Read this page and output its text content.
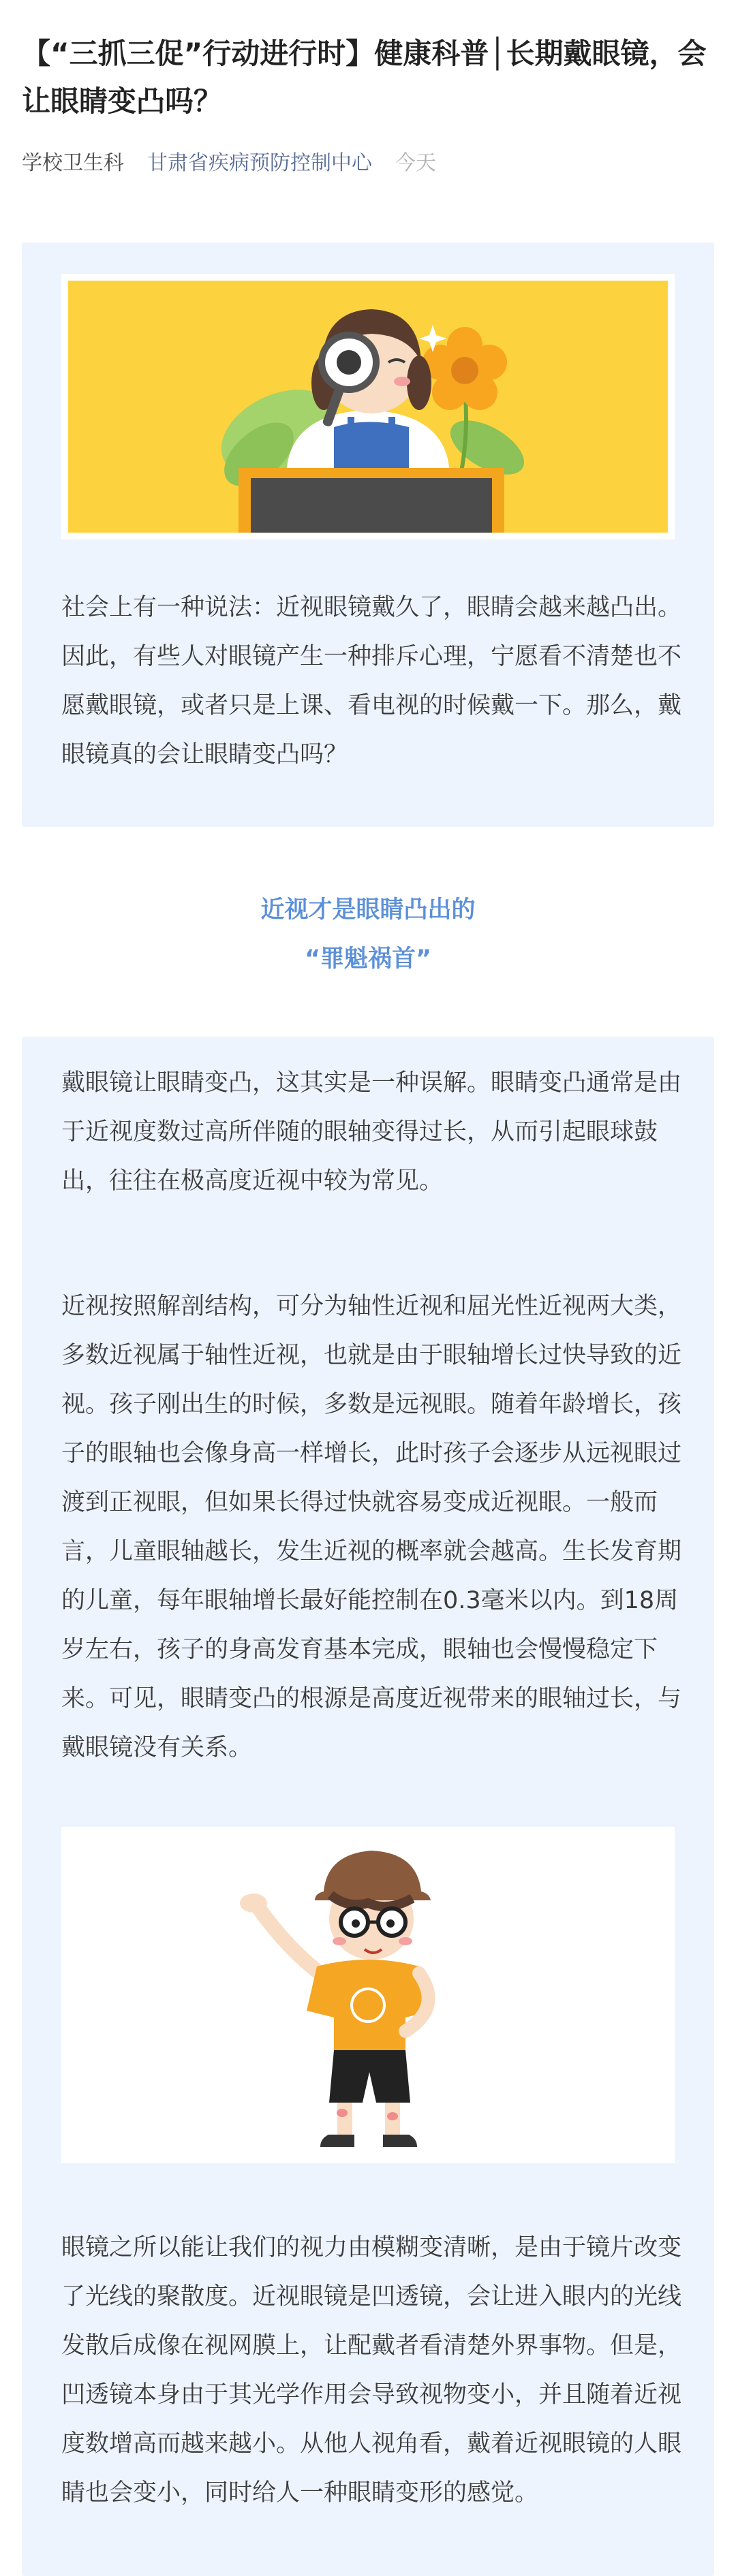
【“三抓三促”行动进行时】健康科普│长期戴眼镜，会让眼睛变凸吗？
学校卫生科 甘肃省疾病预防控制中心 今天

社会上有一种说法：近视眼镜戴久了，眼睛会越来越凸出。因此，有些人对眼镜产生一种排斥心理，宁愿看不清楚也不愿戴眼镜，或者只是上课、看电视的时候戴一下。那么，戴眼镜真的会让眼睛变凸吗？

近视才是眼睛凸出的
“罪魁祸首”

戴眼镜让眼睛变凸，这其实是一种误解。眼睛变凸通常是由于近视度数过高所伴随的眼轴变得过长，从而引起眼球鼓出，往往在极高度近视中较为常见。

近视按照解剖结构，可分为轴性近视和屈光性近视两大类，多数近视属于轴性近视，也就是由于眼轴增长过快导致的近视。孩子刚出生的时候，多数是远视眼。随着年龄增长，孩子的眼轴也会像身高一样增长，此时孩子会逐步从远视眼过渡到正视眼，但如果长得过快就容易变成近视眼。一般而言，儿童眼轴越长，发生近视的概率就会越高。生长发育期的儿童，每年眼轴增长最好能控制在0.3毫米以内。到18周岁左右，孩子的身高发育基本完成，眼轴也会慢慢稳定下来。可见，眼睛变凸的根源是高度近视带来的眼轴过长，与戴眼镜没有关系。

眼镜之所以能让我们的视力由模糊变清晰，是由于镜片改变了光线的聚散度。近视眼镜是凹透镜，会让进入眼内的光线发散后成像在视网膜上，让配戴者看清楚外界事物。但是，凹透镜本身由于其光学作用会导致视物变小，并且随着近视度数增高而越来越小。从他人视角看，戴着近视眼镜的人眼睛也会变小，同时给人一种眼睛变形的感觉。
